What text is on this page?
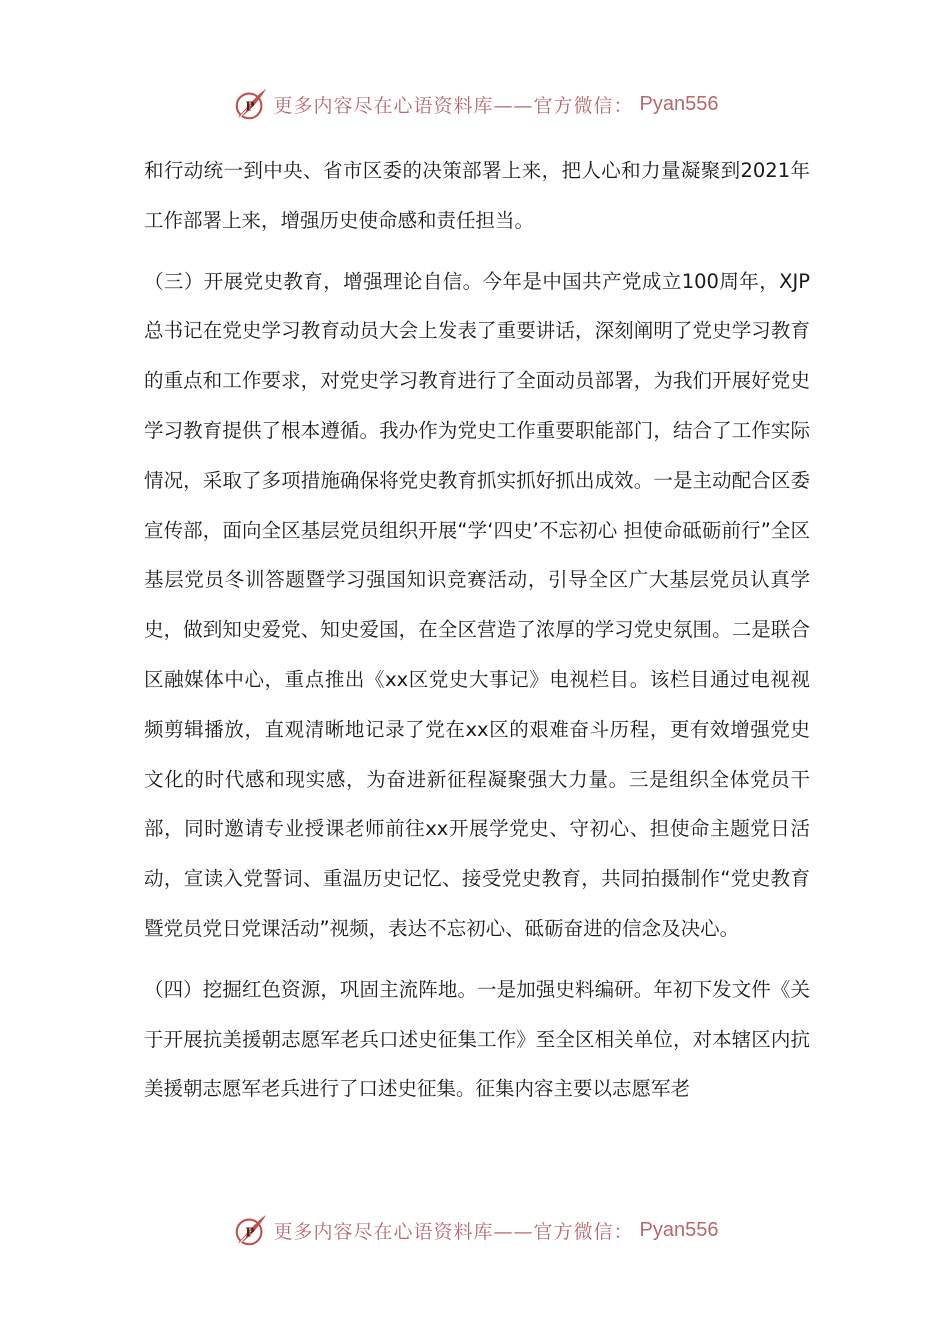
P 更多内容尽在心语资料库——官方微信： Pyan556

和行动统一到中央、省市区委的决策部署上来，把人心和力量凝聚到2021年工作部署上来，增强历史使命感和责任担当。

（三）开展党史教育，增强理论自信。今年是中国共产党成立100周年，XJP总书记在党史学习教育动员大会上发表了重要讲话，深刻阐明了党史学习教育的重点和工作要求，对党史学习教育进行了全面动员部署，为我们开展好党史学习教育提供了根本遵循。我办作为党史工作重要职能部门，结合了工作实际情况，采取了多项措施确保将党史教育抓实抓好抓出成效。一是主动配合区委宣传部，面向全区基层党员组织开展“学‘四史’不忘初心 担使命砥砺前行”全区基层党员冬训答题暨学习强国知识竞赛活动，引导全区广大基层党员认真学史，做到知史爱党、知史爱国，在全区营造了浓厚的学习党史氛围。二是联合区融媒体中心，重点推出《xx区党史大事记》电视栏目。该栏目通过电视视频剪辑播放，直观清晰地记录了党在xx区的艰难奋斗历程，更有效增强党史文化的时代感和现实感，为奋进新征程凝聚强大力量。三是组织全体党员干部，同时邀请专业授课老师前往xx开展学党史、守初心、担使命主题党日活动，宣读入党誓词、重温历史记忆、接受党史教育，共同拍摄制作“党史教育暨党员党日党课活动”视频，表达不忘初心、砥砺奋进的信念及决心。

（四）挖掘红色资源，巩固主流阵地。一是加强史料编研。年初下发文件《关于开展抗美援朝志愿军老兵口述史征集工作》至全区相关单位，对本辖区内抗美援朝志愿军老兵进行了口述史征集。征集内容主要以志愿军老

P 更多内容尽在心语资料库——官方微信： Pyan556
